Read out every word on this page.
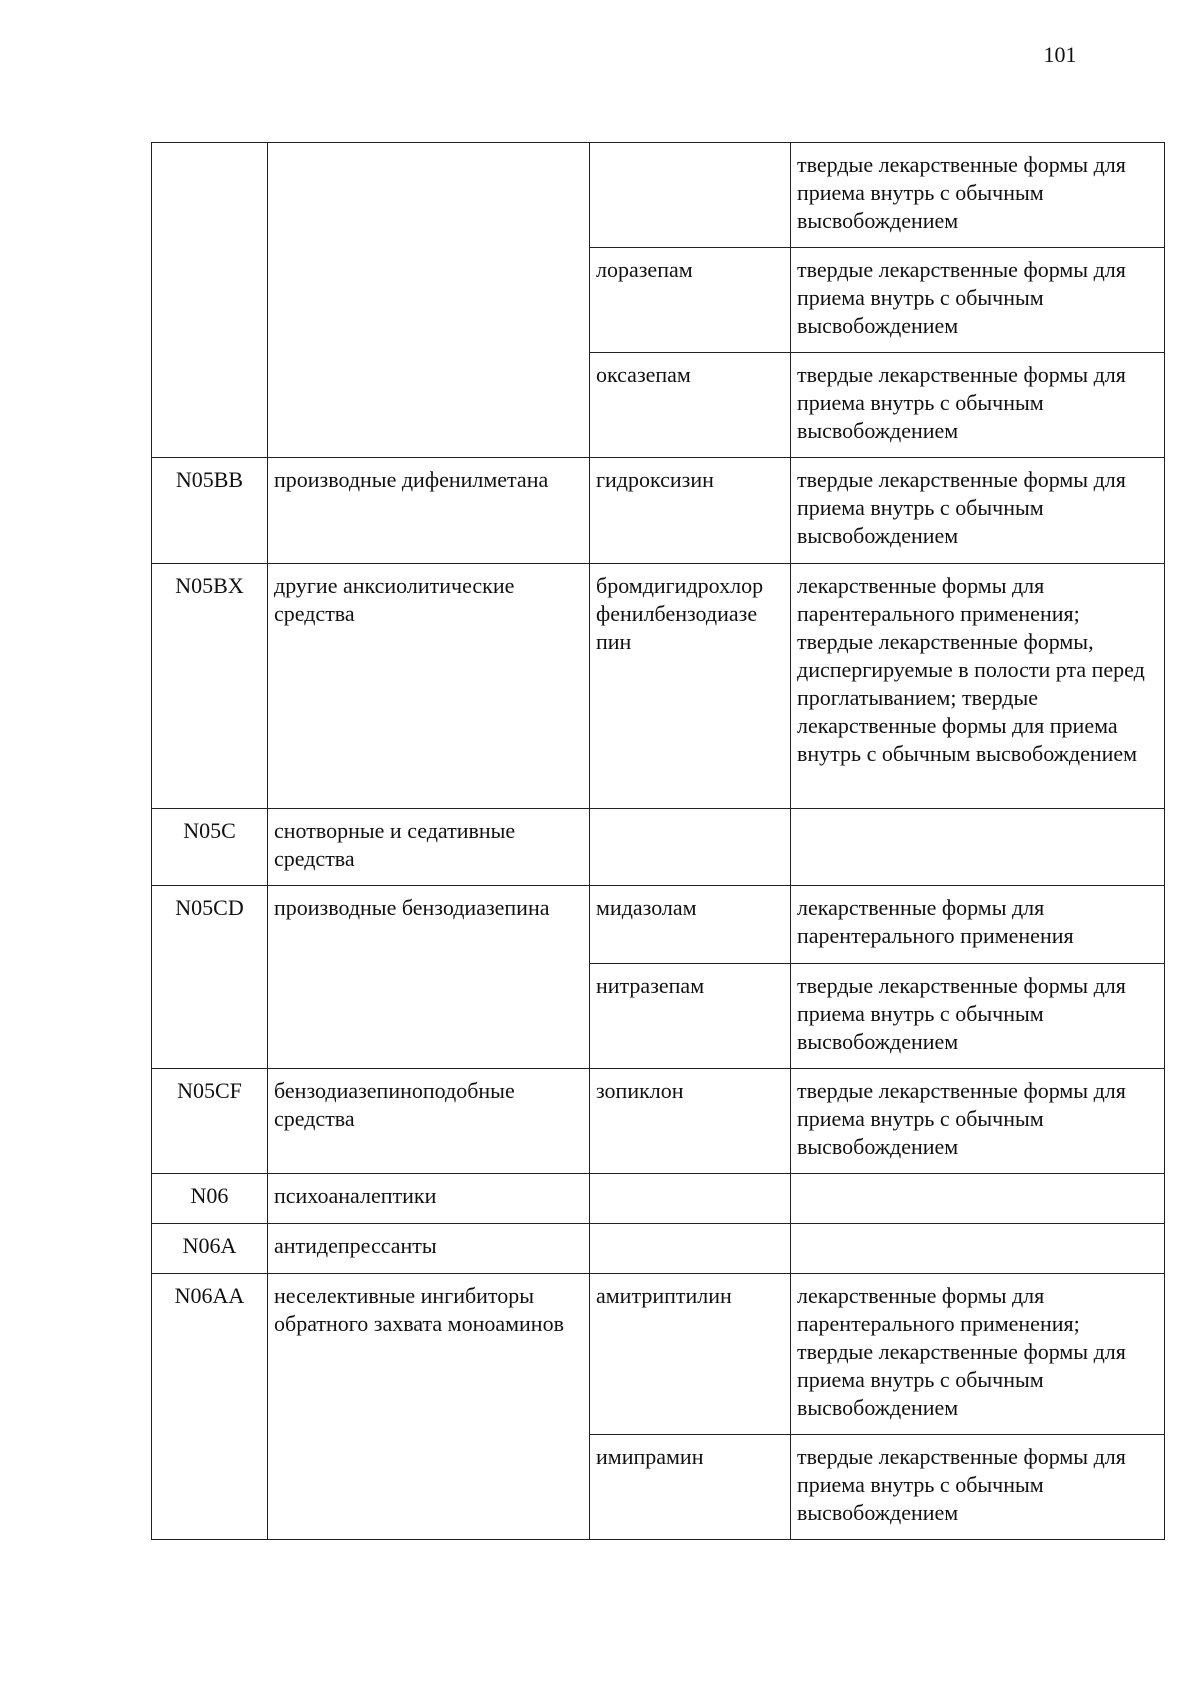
101
			твердые лекарственные формы для приема внутрь с обычным высвобождением
		лоразепам	твердые лекарственные формы для приема внутрь с обычным высвобождением
		оксазепам	твердые лекарственные формы для приема внутрь с обычным высвобождением
N05BB	производные дифенилметана	гидроксизин	твердые лекарственные формы для приема внутрь с обычным высвобождением
N05BX	другие анксиолитические средства	бромдигидрохлор фенилбензодиазе пин	лекарственные формы для парентерального применения; твердые лекарственные формы, диспергируемые в полости рта перед проглатыванием; твердые лекарственные формы для приема внутрь с обычным высвобождением
N05C	снотворные и седативные средства		
N05CD	производные бензодиазепина	мидазолам	лекарственные формы для парентерального применения
		нитразепам	твердые лекарственные формы для приема внутрь с обычным высвобождением
N05CF	бензодиазепиноподобные средства	зопиклон	твердые лекарственные формы для приема внутрь с обычным высвобождением
N06	психоаналептики		
N06A	антидепрессанты		
N06AA	неселективные ингибиторы обратного захвата моноаминов	амитриптилин	лекарственные формы для парентерального применения; твердые лекарственные формы для приема внутрь с обычным высвобождением
		имипрамин	твердые лекарственные формы для приема внутрь с обычным высвобождением
